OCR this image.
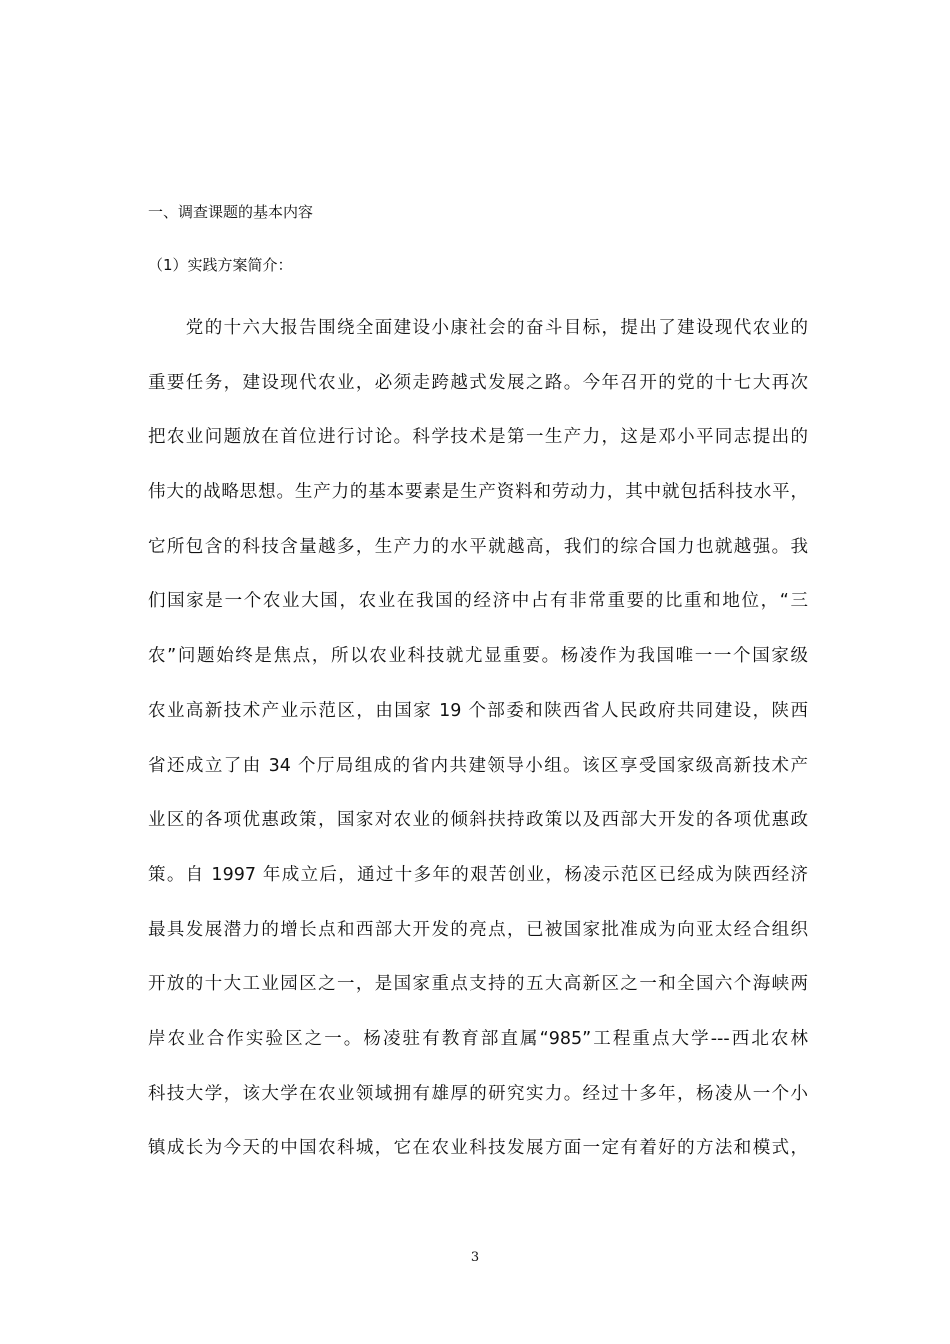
一、调查课题的基本内容
（1）实践方案简介：
　　党的十六大报告围绕全面建设小康社会的奋斗目标，提出了建设现代农业的
重要任务，建设现代农业，必须走跨越式发展之路。今年召开的党的十七大再次
把农业问题放在首位进行讨论。科学技术是第一生产力，这是邓小平同志提出的
伟大的战略思想。生产力的基本要素是生产资料和劳动力，其中就包括科技水平，
它所包含的科技含量越多，生产力的水平就越高，我们的综合国力也就越强。我
们国家是一个农业大国，农业在我国的经济中占有非常重要的比重和地位，“三
农”问题始终是焦点，所以农业科技就尤显重要。杨凌作为我国唯一一个国家级
农业高新技术产业示范区，由国家 19 个部委和陕西省人民政府共同建设，陕西
省还成立了由 34 个厅局组成的省内共建领导小组。该区享受国家级高新技术产
业区的各项优惠政策，国家对农业的倾斜扶持政策以及西部大开发的各项优惠政
策。自 1997 年成立后，通过十多年的艰苦创业，杨凌示范区已经成为陕西经济
最具发展潜力的增长点和西部大开发的亮点，已被国家批准成为向亚太经合组织
开放的十大工业园区之一，是国家重点支持的五大高新区之一和全国六个海峡两
岸农业合作实验区之一。杨凌驻有教育部直属“985”工程重点大学---西北农林
科技大学，该大学在农业领域拥有雄厚的研究实力。经过十多年，杨凌从一个小
镇成长为今天的中国农科城，它在农业科技发展方面一定有着好的方法和模式，
3
